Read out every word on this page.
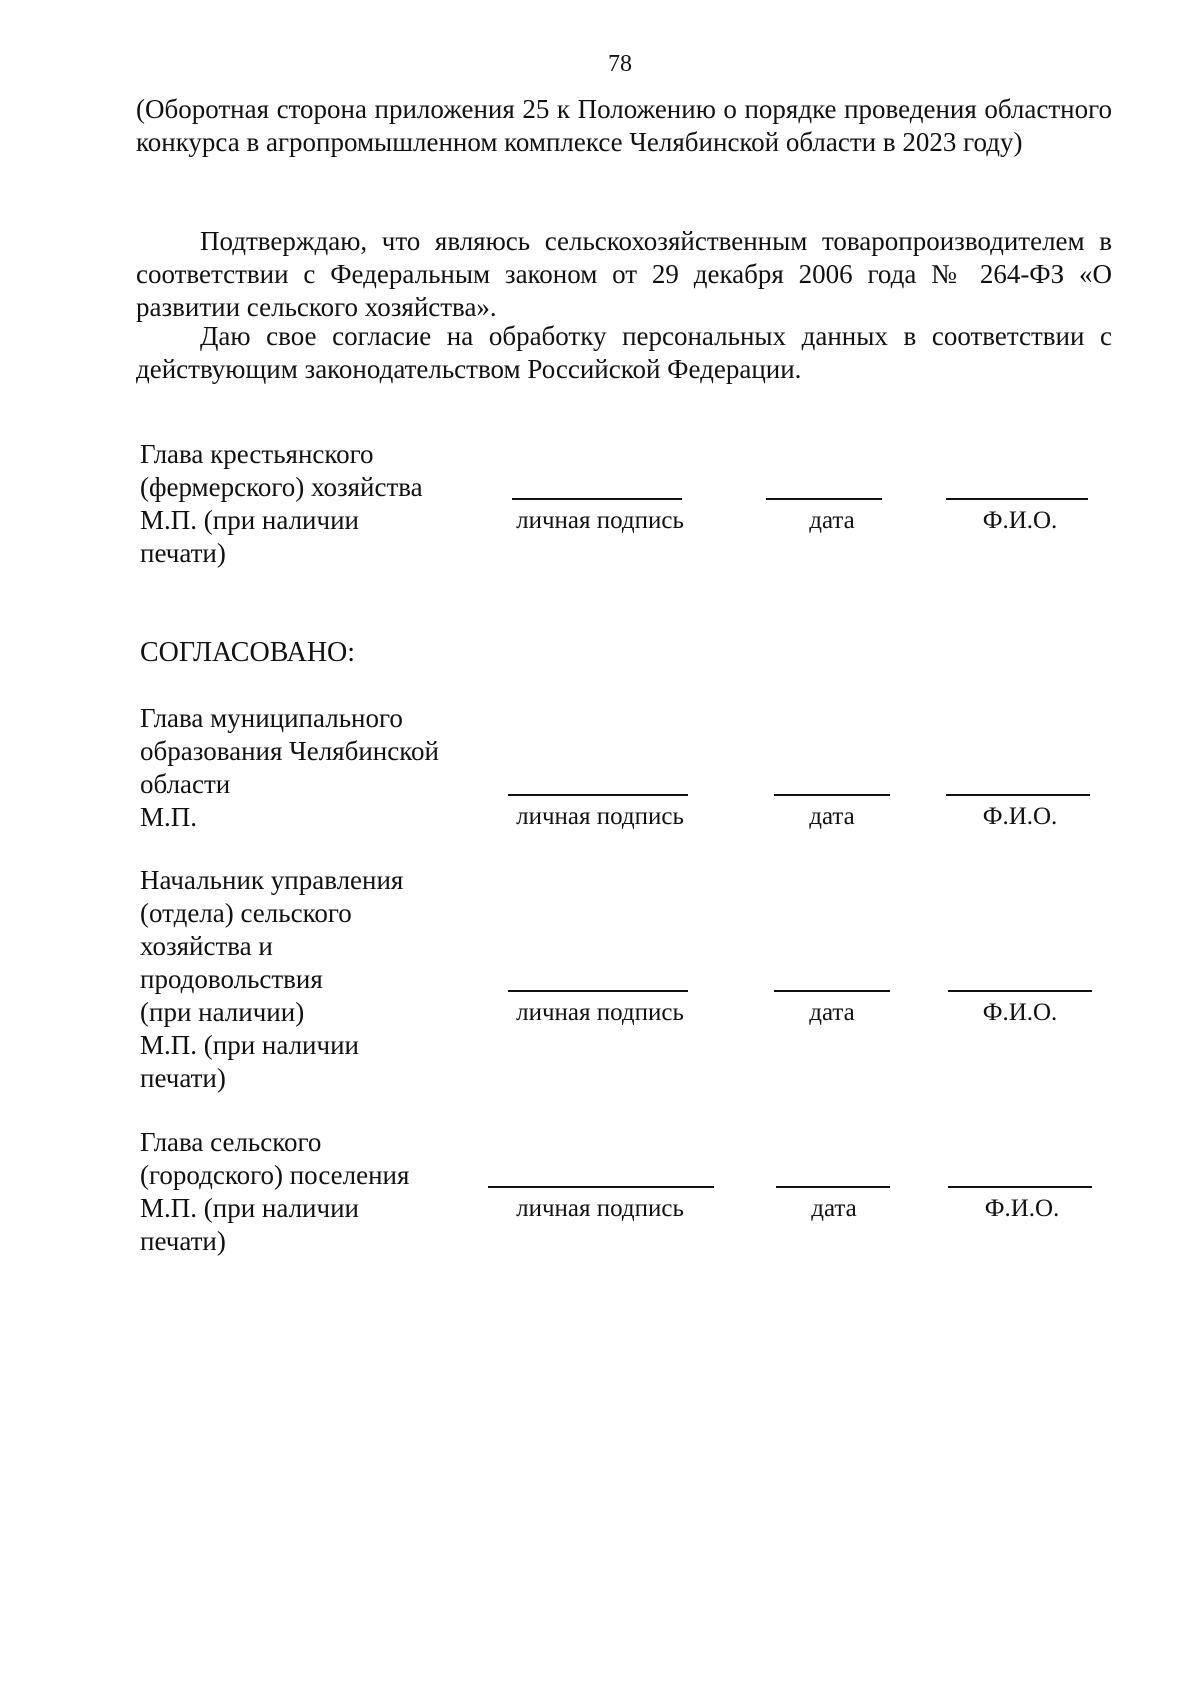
78
(Оборотная сторона приложения 25 к Положению о порядке проведения областного конкурса в агропромышленном комплексе Челябинской области в 2023 году)
Подтверждаю, что являюсь сельскохозяйственным товаропроизводителем в соответствии с Федеральным законом от 29 декабря 2006 года № 264-ФЗ «О развитии сельского хозяйства».
Даю свое согласие на обработку персональных данных в соответствии с действующим законодательством Российской Федерации.
Глава крестьянского
(фермерского) хозяйства
М.П. (при наличии
печати)
личная подпись	дата	Ф.И.О.
СОГЛАСОВАНО:
Глава муниципального
образования Челябинской
области
М.П.	личная подпись	дата	Ф.И.О.
Начальник управления
(отдела) сельского
хозяйства и
продовольствия
(при наличии)
М.П. (при наличии
печати)
личная подпись	дата	Ф.И.О.
Глава сельского
(городского) поселения
М.П. (при наличии
печати)
личная подпись	дата	Ф.И.О.
